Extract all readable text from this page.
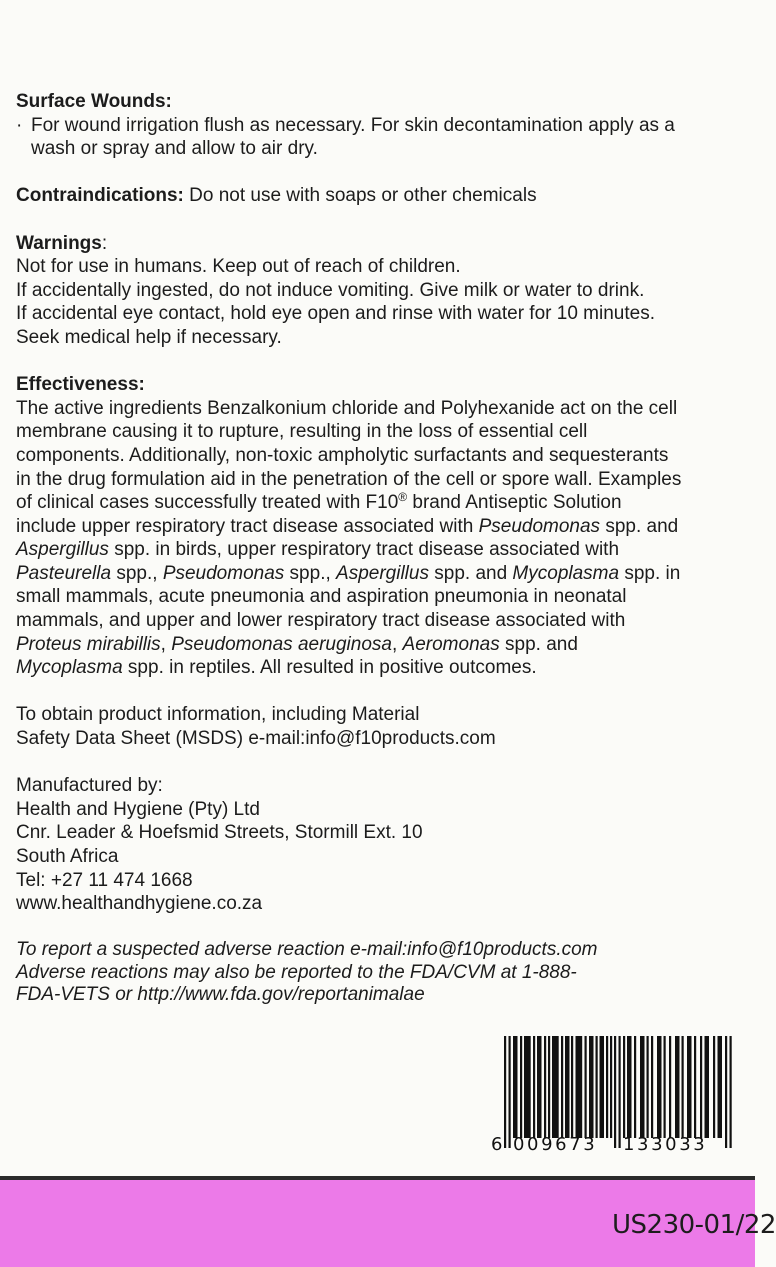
Surface Wounds:

· For wound irrigation flush as necessary. For skin decontamination apply as a

wash or spray and allow to air dry.

Contraindications: Do not use with soaps or other chemicals

Warnings:

Not for use in humans. Keep out of reach of children.

If accidentally ingested, do not induce vomiting. Give milk or water to drink.

If accidental eye contact, hold eye open and rinse with water for 10 minutes.

Seek medical help if necessary.

Effectiveness:

The active ingredients Benzalkonium chloride and Polyhexanide act on the cell

membrane causing it to rupture, resulting in the loss of essential cell

components. Additionally, non-toxic ampholytic surfactants and sequesterants

in the drug formulation aid in the penetration of the cell or spore wall. Examples

of clinical cases successfully treated with F10® brand Antiseptic Solution

include upper respiratory tract disease associated with Pseudomonas spp. and

Aspergillus spp. in birds, upper respiratory tract disease associated with

Pasteurella spp., Pseudomonas spp., Aspergillus spp. and Mycoplasma spp. in

small mammals, acute pneumonia and aspiration pneumonia in neonatal

mammals, and upper and lower respiratory tract disease associated with

Proteus mirabillis, Pseudomonas aeruginosa, Aeromonas spp. and

Mycoplasma spp. in reptiles. All resulted in positive outcomes.

To obtain product information, including Material

Safety Data Sheet (MSDS) e-mail:info@f10products.com

Manufactured by:

Health and Hygiene (Pty) Ltd

Cnr. Leader & Hoefsmid Streets, Stormill Ext. 10

South Africa

Tel: +27 11 474 1668

www.healthandhygiene.co.za

To report a suspected adverse reaction e-mail:info@f10products.com

Adverse reactions may also be reported to the FDA/CVM at 1-888-

FDA-VETS or http://www.fda.gov/reportanimalae

6 009673 133033
US230-01/22
